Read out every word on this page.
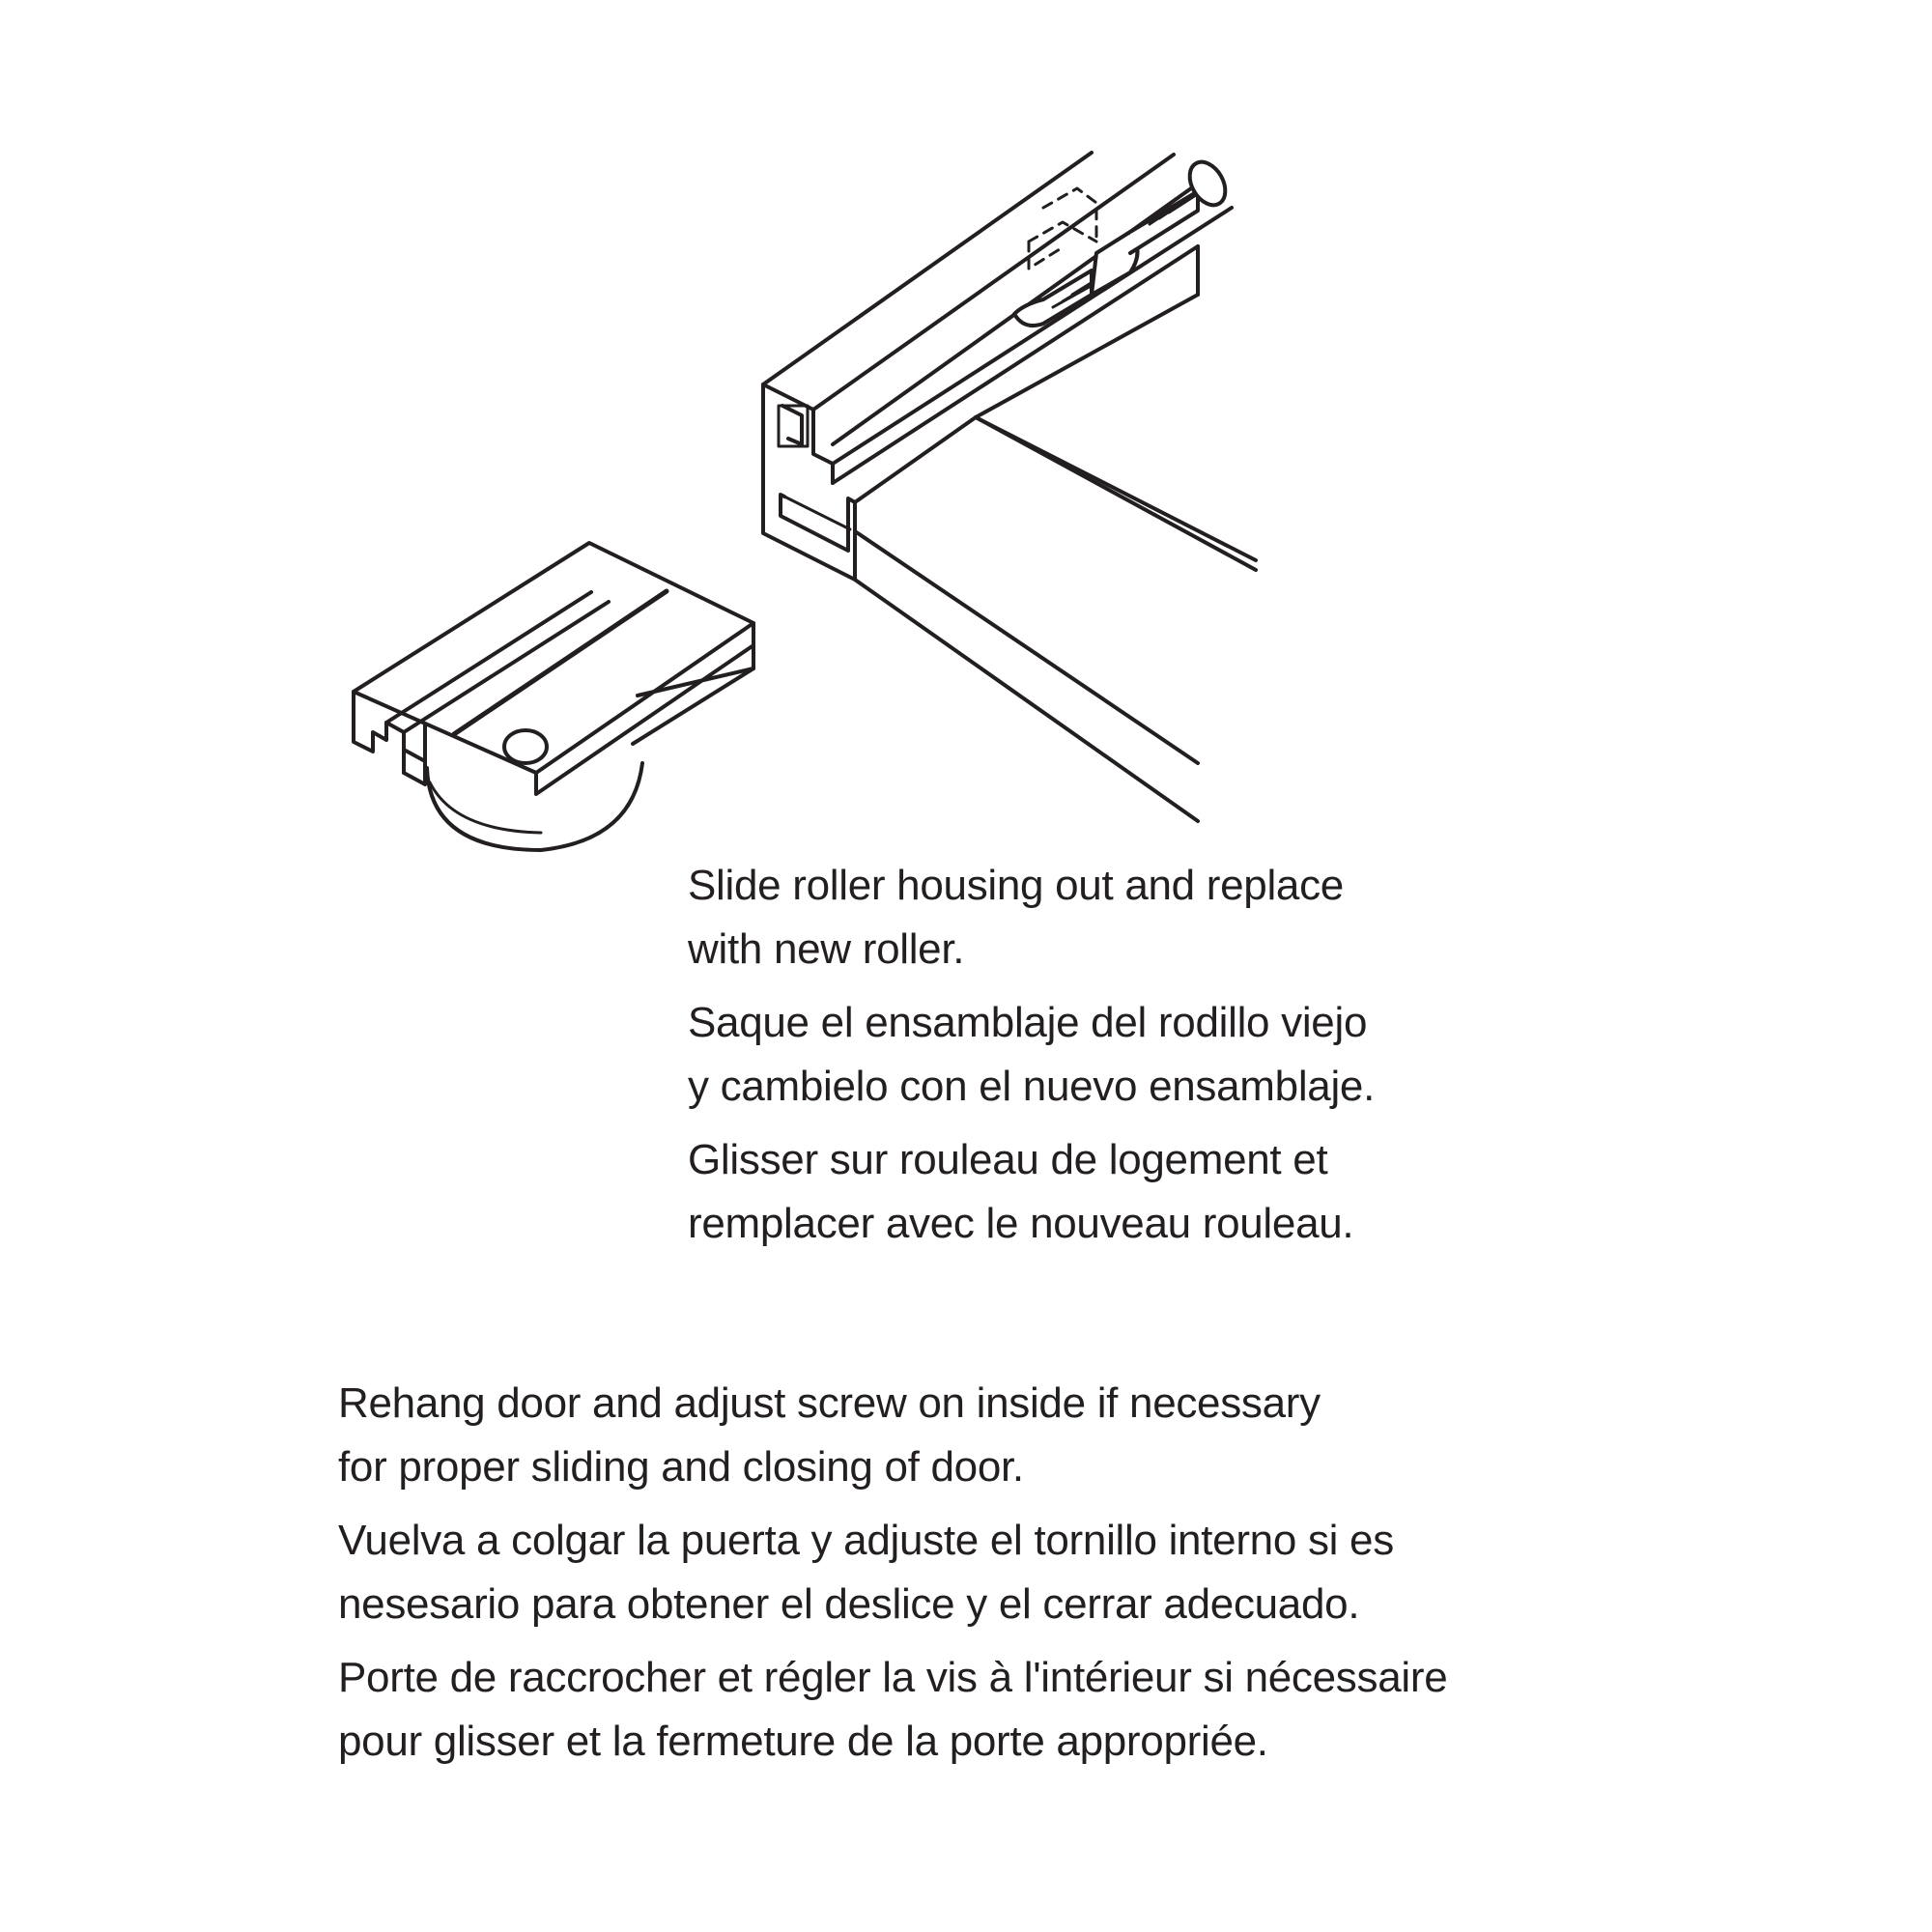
Slide roller housing out and replace
with new roller.

Saque el ensamblaje del rodillo viejo
y cambielo con el nuevo ensamblaje.

Glisser sur rouleau de logement et
remplacer avec le nouveau rouleau.

Rehang door and adjust screw on inside if necessary
for proper sliding and closing of door.

Vuelva a colgar la puerta y adjuste el tornillo interno si es
nesesario para obtener el deslice y el cerrar adecuado.

Porte de raccrocher et régler la vis à l'intérieur si nécessaire
pour glisser et la fermeture de la porte appropriée.
